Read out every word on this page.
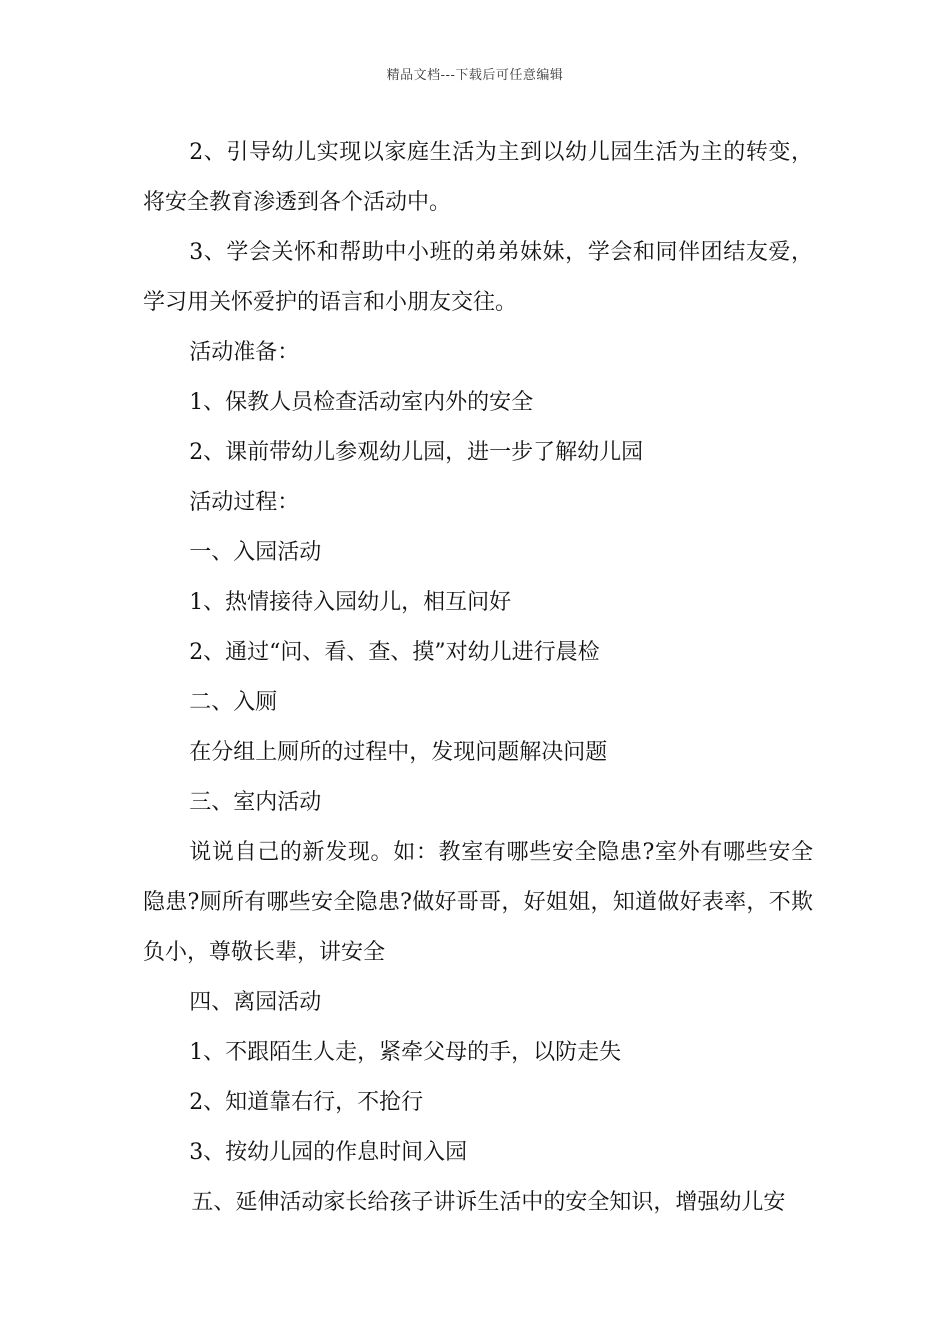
精品文档---下载后可任意编辑

2、引导幼儿实现以家庭生活为主到以幼儿园生活为主的转变，将安全教育渗透到各个活动中。

3、学会关怀和帮助中小班的弟弟妹妹，学会和同伴团结友爱，学习用关怀爱护的语言和小朋友交往。

活动准备：

1、保教人员检查活动室内外的安全

2、课前带幼儿参观幼儿园，进一步了解幼儿园

活动过程：

一、入园活动

1、热情接待入园幼儿，相互问好

2、通过“问、看、查、摸”对幼儿进行晨检

二、入厕

在分组上厕所的过程中，发现问题解决问题

三、室内活动

说说自己的新发现。如：教室有哪些安全隐患?室外有哪些安全隐患?厕所有哪些安全隐患?做好哥哥，好姐姐，知道做好表率，不欺负小，尊敬长辈，讲安全

四、离园活动

1、不跟陌生人走，紧牵父母的手，以防走失

2、知道靠右行，不抢行

3、按幼儿园的作息时间入园

五、延伸活动家长给孩子讲诉生活中的安全知识，增强幼儿安
